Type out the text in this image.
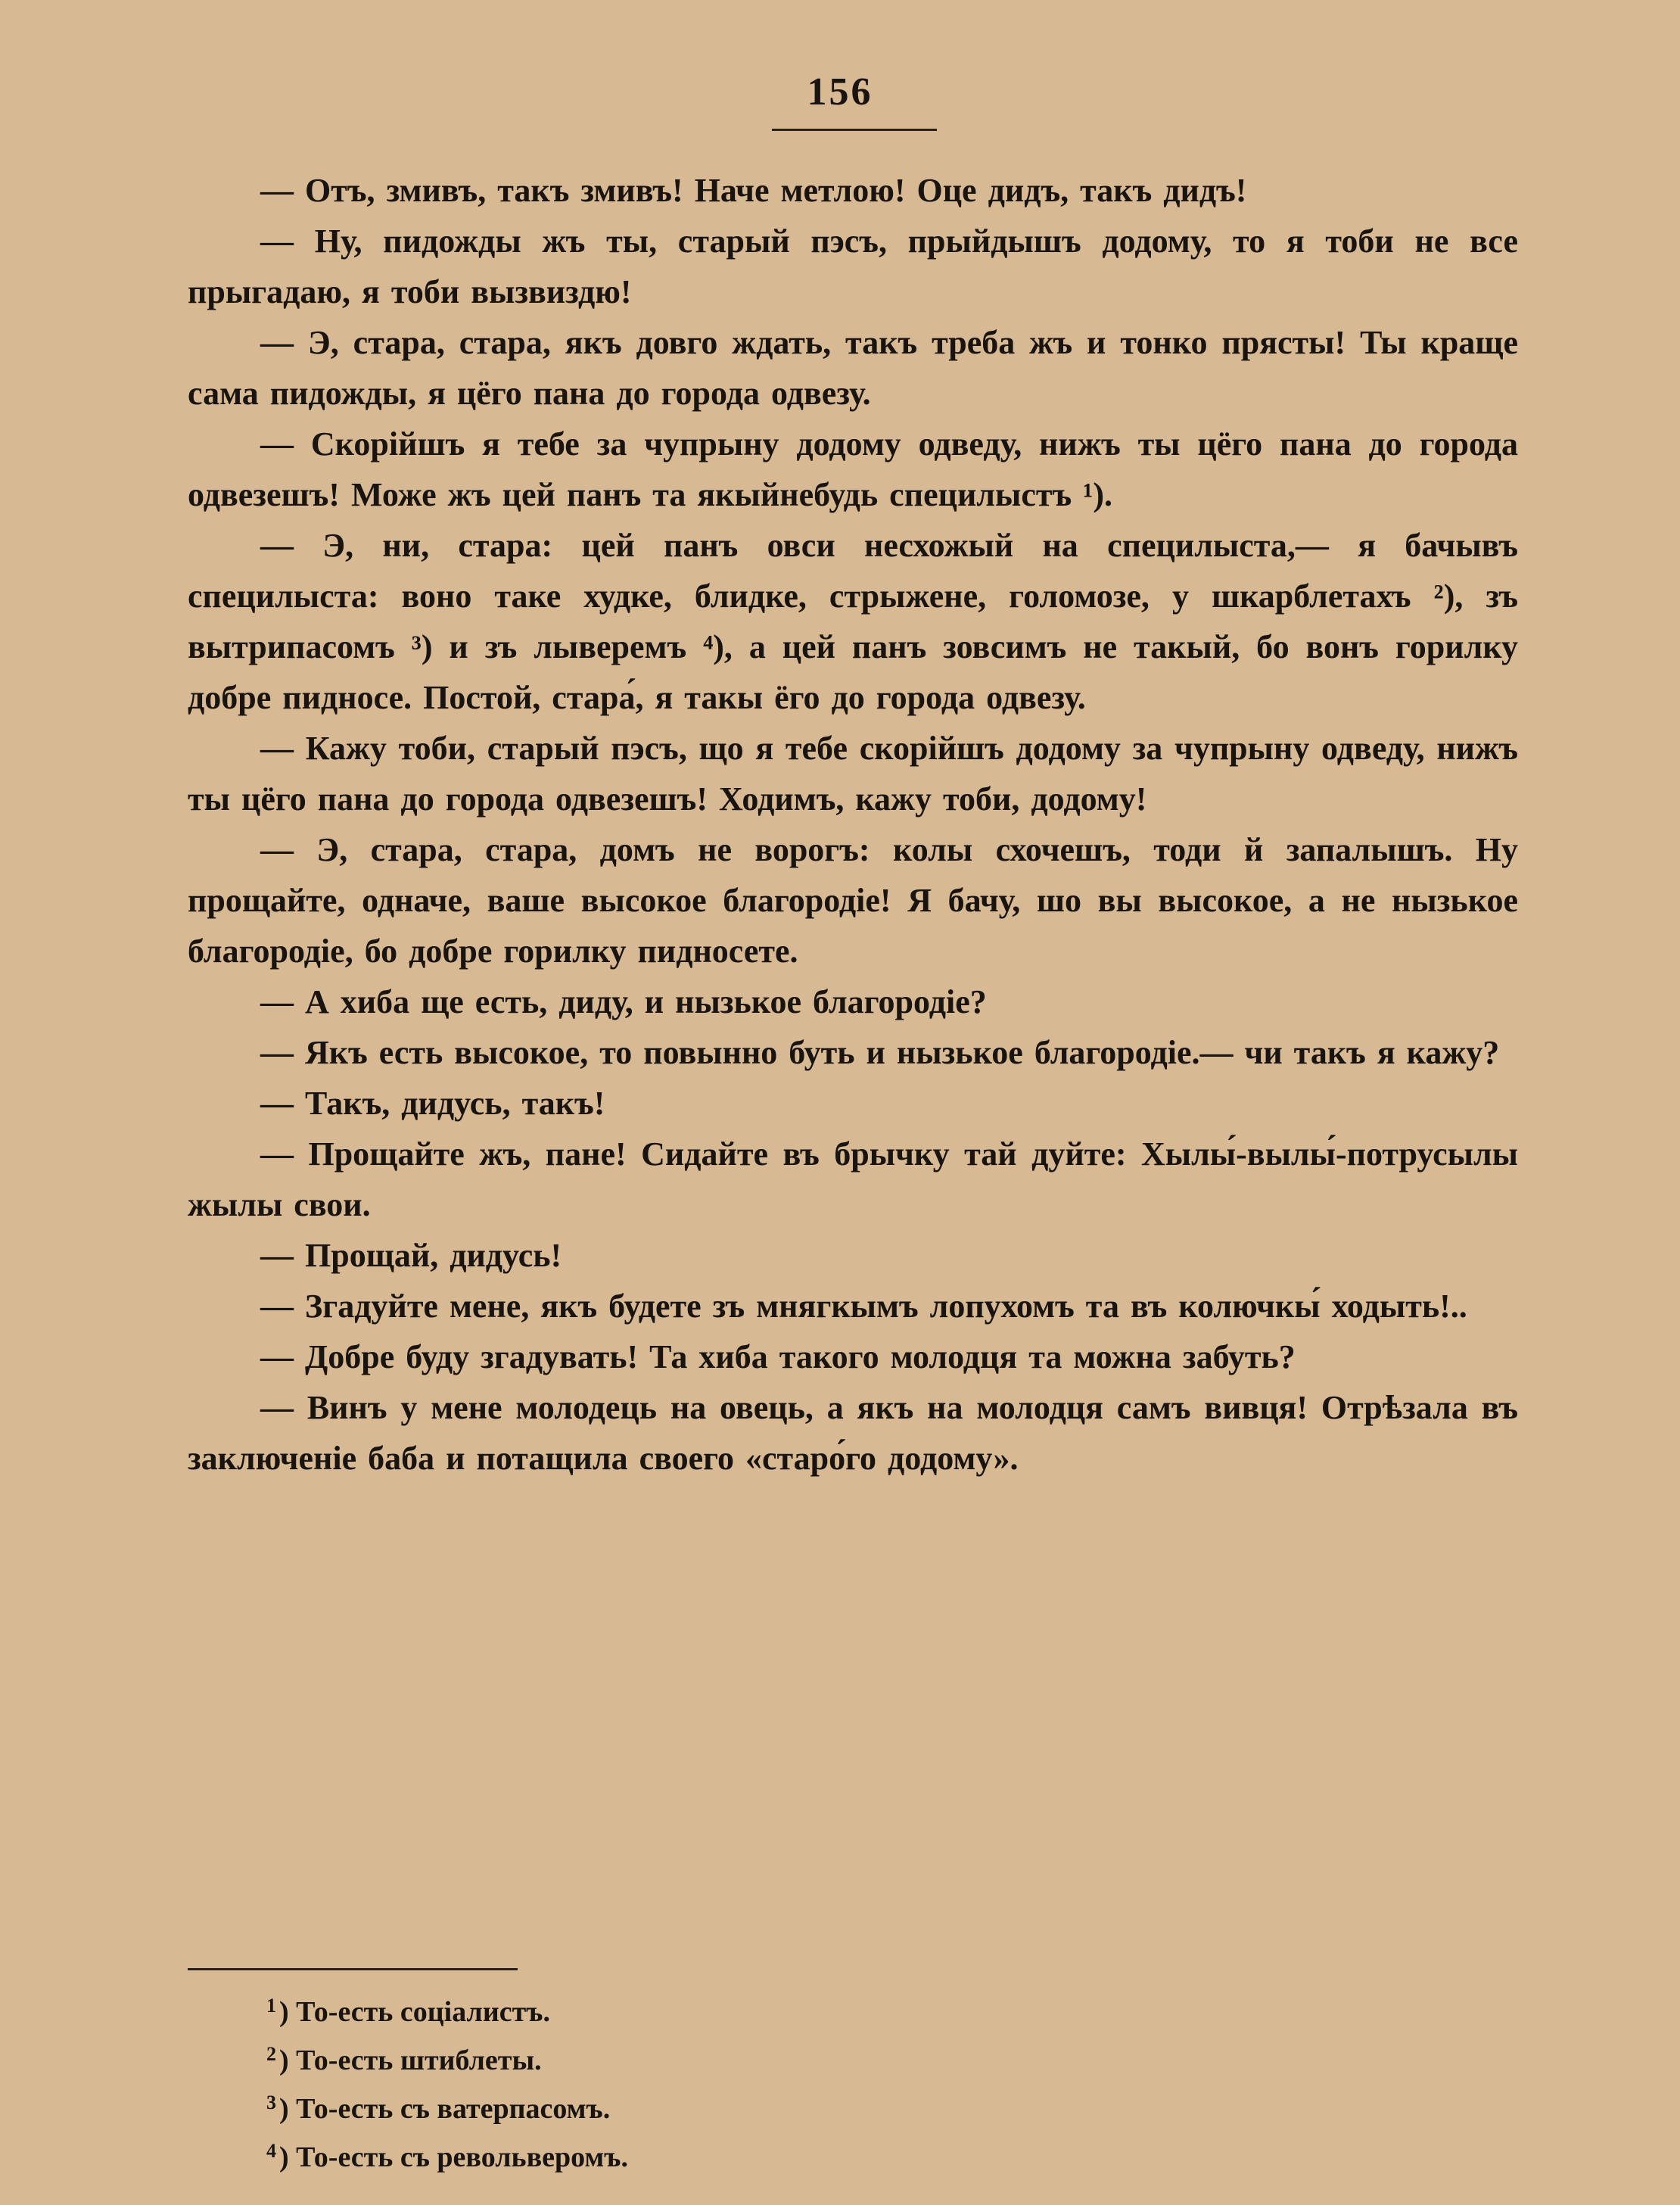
156

— Отъ, змивъ, такъ змивъ! Наче метлою! Оце дидъ, такъ дидъ!

— Ну, пидожды жъ ты, старый пэсъ, прыйдышъ додому, то я тоби не все прыгадаю, я тоби вызвиздю!

— Э, стара, стара, якъ довго ждать, такъ треба жъ и тонко прясты! Ты краще сама пидожды, я цёго пана до города одвезу.

— Скорійшъ я тебе за чупрыну додому одведу, нижъ ты цёго пана до города одвезешъ! Може жъ цей панъ та якыйнебудь специлыстъ ¹).

— Э, ни, стара: цей панъ овси несхожый на специлыста,— я бачывъ специлыста: воно таке худке, блидке, стрыжене, голомозе, у шкарблетахъ ²), зъ вытрипасомъ ³) и зъ лыверемъ ⁴), а цей панъ зовсимъ не такый, бо вонъ горилку добре пидносе. Постой, стара́, я такы ёго до города одвезу.

— Кажу тоби, старый пэсъ, що я тебе скорійшъ додому за чупрыну одведу, нижъ ты цёго пана до города одвезешъ! Ходимъ, кажу тоби, додому!

— Э, стара, стара, домъ не ворогъ: колы схочешъ, тоди й запалышъ. Ну прощайте, одначе, ваше высокое благородіе! Я бачу, шо вы высокое, а не нызькое благородіе, бо добре горилку пидносете.

— А хиба ще есть, диду, и нызькое благородіе?

— Якъ есть высокое, то повынно буть и нызькое благородіе.— чи такъ я кажу?

— Такъ, дидусь, такъ!

— Прощайте жъ, пане! Сидайте въ брычку тай дуйте: Хылы́-вылы́-потрусылы жылы свои.

— Прощай, дидусь!

— Згадуйте мене, якъ будете зъ мнягкымъ лопухомъ та въ колючкы́ ходыть!..

— Добре буду згадувать! Та хиба такого молодця та можна забуть?

— Винъ у мене молодець на овець, а якъ на молодця самъ вивця! Отрѣзала въ заключеніе баба и потащила своего «старо́го додому».

$^1$ ) То-есть соціалистъ.
$^2$ ) То-есть штиблеты.
$^3$ ) То-есть съ ватерпасомъ.
$^4$ ) То-есть съ револьверомъ.
